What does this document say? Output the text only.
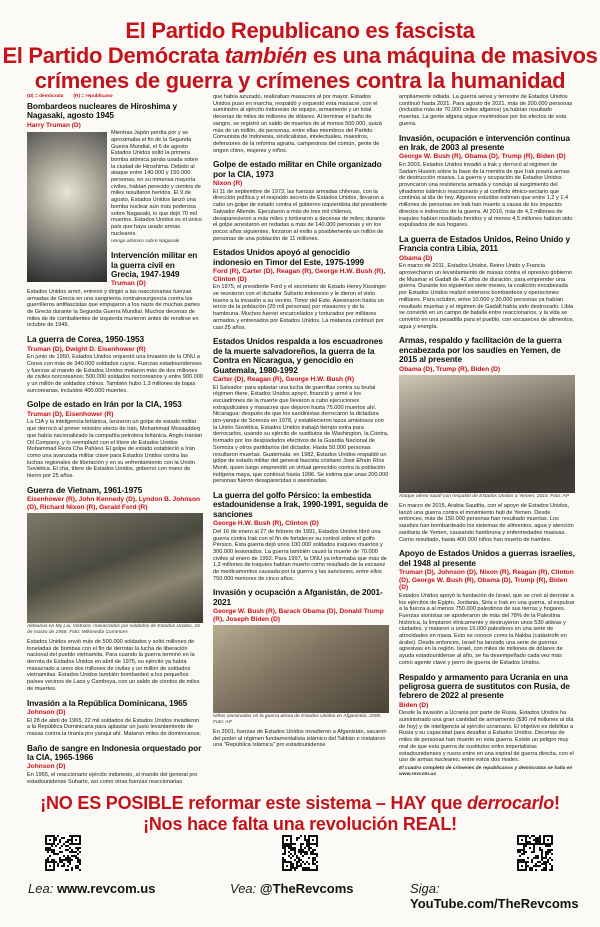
El Partido Republicano es fascista
El Partido Demócrata también es una máquina de masivos
crímenes de guerra y crímenes contra la humanidad
(D) = demócrata (R) = republicano
Bombardeos nucleares de Hiroshima y Nagasaki, agosto 1945
Harry Truman (D)

Mientras Japón perdía por y se aproximaba el fin de la Segunda Guerra Mundial, el 6 de agosto Estados Unidos soltó la primera bomba atómica jamás usada sobre la ciudad de Hiroshima. Debido al ataque entre 140.000 y 150.000 personas, en su inmensa mayoría civiles, habían perecido y cientos de miles resultaron heridos. El 9 de agosto, Estados Unidos lanzó una bomba nuclear aún más poderosa sobre Nagasaki, lo que dejó 70 mil muertos. Estados Unidos es el único país que haya usado armas nucleares.

Hongo atómico sobre Nagasaki
Intervención militar en la guerra civil en Grecia, 1947-1949
Truman (D)

Estados Unidos armó, entrenó y dirigió a las reaccionarias fuerzas armadas de Grecia en una sangrienta contrainsurgencia contra los guerrilleros antifascistas que empujaron a los nazis de muchas partes de Grecia durante la Segunda Guerra Mundial. Muchos decenas de miles de de combatientes de izquierda murieron antes de rendirse en octubre de 1949.

La guerra de Corea, 1950-1953
Truman (D), Dwight D. Eisenhower (R)

En junio de 1950, Estados Unidos orquestó una invasión de la ONU a Corea con más de 340.000 soldados cuyos. Fuerzas estadounidenses y fuerzas al mando de Estados Unidos mataron más de dos millones de civiles norcoreanos; 500.000 soldados norcoreanos y entre 900.000 y un millón de soldados chinos. También hubo 1,3 millones de bajas surcoreanas, incluidos 400.000 muertes.

Golpe de estado en Irán por la CIA, 1953
Truman (D), Eisenhower (R)

La CIA y la inteligencia británica, lanzaron un golpe de estado militar que derrocó al primer ministro electo de Irán, Mohammad Mossaddeq que había nacionalizado la compañía petrolera británica, Anglo-Iranian Oil Company, y lo reemplazó con el títere de Estados Unidos Mohammad Reza Cha Pahlevi. El golpe de estado estableció a Irán como una avanzada militar clave para Estados Unidos contra las luchas regionales de liberación y en su enfrentamiento con la Unión Soviética. El cha, títere de Estados Unidos, gobernó con mano de hierro por 25 años.

Guerra de Vietnam, 1961-1975
Eisenhower (R), John Kennedy (D), Lyndon B. Johnson (D), Richard Nixon (R), Gerald Ford (R)
Aldeanos en My Lai, Vietnam, masacrados por soldados de Estados Unidos, 16 de marzo de 1968. Foto: Wikimedia Commons

Estados Unidos envió más de 500.000 soldados y soltó millones de toneladas de bombas con el fin de derrotar la lucha de liberación nacional del pueblo vietnamita. Para cuando la guerra terminó en la derrota de Estados Unidos en abril de 1975, su ejército ya había masacrado a unos dos millones de civiles y un millón de soldados vietnamitas. Estados Unidos también bombardeó a los pequeños países vecinos de Laos y Camboya, con un saldo de cientos de miles de muertes.

Invasión a la República Dominicana, 1965
Johnson (D)

El 28 de abril de 1965, 22 mil soldados de Estados Unidos invadieron a la República Dominicana para aplastar un justo levantamiento de masas contra la tiranía pro yanqui ahí. Mataron miles de dominicanos.

Baño de sangre en Indonesia orquestado por la CIA, 1965-1966
Johnson (D)

En 1965, el reaccionario ejército indonesio, al mando del general pro estadounidense Suharto, así como otras fuerzas reaccionarias

que había azuzado, realizaban masacres al por mayor. Estados Unidos puso en marcha, respaldó y orquestó esta masacre, con el suministro al ejército indonesio de equipo, armamento y un total decenas de miles de millones de dólares. Al terminar el baño de sangre, se registró un saldo de muertes de al menos 500.000, quizá más de un millón, de personas, entre ellas miembros del Partido Comunista de Indonesia, sindicalistas, intelectuales, maestros, defensores de la reforma agraria, campesinos del común, gente de origen chino, mujeres y niños.

Golpe de estado militar en Chile organizado por la CIA, 1973
Nixon (R)

El 11 de septiembre de 1973, las fuerzas armadas chilenas, con la dirección política y el respaldo secreto de Estados Unidos, llevaron a cabo un golpe de estado contra el gobierno izquierdista del presidente Salvador Allende. Ejecutaron a más de tres mil chilenos, desaparecieron a más miles y torturaron a decenas de miles; durante el golpe arrestaron en redadas a más de 140.000 personas y en los pocos años siguientes, forzaron al exilio a posiblemente un millón de personas de una población de 11 millones.

Estados Unidos apoyó al genocidio indonesio en Timor del Este, 1975-1999
Ford (R), Carter (D), Reagan (R), George H.W. Bush (R), Clinton (D)

En 1975, el presidente Ford y el secretario de Estado Henry Kissinger se reunieron con el dictador Suharto indonesio y le dieron el visto bueno a la invasión a su vecino, Timor del Este. Asesinaron hasta un tercio de la población (20 mil personas) por masacres y de la hambruna. Muchos fueron encarcelados y torturados por militares armados y entrenados por Estados Unidos. La matanza continuó por casi 25 años.

Estados Unidos respalda a los escuadrones de la muerte salvadoreños, la guerra de la Contra en Nicaragua, y genocidio en Guatemala, 1980-1992
Carter (D), Reagan (R), George H.W. Bush (R)

El Salvador: para aplastar una lucha de guerrillas contra su brutal régimen títere, Estados Unidos apoyó, financió y armó a los escuadrones de la muerte que llevaron a cabo ejecuciones extrajudiciales y masacres que dejaron hasta 75.000 muertos ahí. Nicaragua: después de que los sandinistas derrocaron la dictadura pro-yanqui de Somoza en 1978, y establecieron lazos amistosos con la Unión Soviética, Estados Unidos trabajó tiempo extra para derrocarlos, usando su ejército de sustitutos de Washington, la Contra, formado por los despiadados efectivos de la Guardia Nacional de Somoza y otros partidarios del dictador. Hasta 50.000 personas resultaron muertas. Guatemala: en 1982, Estados Unidos respaldó un golpe de estado militar del general fascista cristiano José Efraín Ríos Montt, quien luego emprendió un virtual genocidio contra la población indígena maya, que continuó hasta 1996. Se estima que unas 200.000 personas fueron desaparecidas o asesinadas.

La guerra del golfo Pérsico: la embestida estadounidense a Irak, 1990-1991, seguida de sanciones
George H.W. Bush (R), Clinton (D)

Del 16 de enero al 27 de febrero de 1991, Estados Unidos libró una guerra contra Irak con el fin de fortalecer su control sobre el golfo Pérsico. Esta guerra dejó unos 100.000 soldados iraquíes muertos y 300.000 lesionados. La guerra también causó la muerte de 70.000 civiles al enero de 1992. Para 1997, la ONU ya informaba que más de 1,2 millones de iraquíes habían muerto como resultado de la escasez de medicamentos causada por la guerra y las sanciones, entre ellos 750.000 menores de cinco años.

Invasión y ocupación a Afganistán, de 2001-2021
George W. Bush (R), Barack Obama (D), Donald Trump (R), Joseph Biden (D)
Niños asesinados en la guerra aérea de Estados Unidos en Afganistán, 2009. Foto: AP

En 2001, fuerzas de Estados Unidos invadieron a Afganistán, sacaron del poder al régimen fundamentalista islámico del Talibán e instalaron una "República Islámica" pro estadounidense

ampliamente odiada. La guerra aérea y terrestre de Estados Unidos continuó hasta 2021. Para agosto de 2021, más de 200.000 personas (incluidos más de 70.000 civiles afganos) ya habían resultado muertas. La gente afgana sigue muriéndose por los efectos de esta guerra.

Invasión, ocupación e intervención continua en Irak, de 2003 al presente
George W. Bush (R), Obama (D), Trump (R), Biden (D)

En 2003, Estados Unidos invadió a Irak y derrocó al régimen de Sadam Husein sobre la base de la mentira de que Irak poseía armas de destrucción masiva. La guerra y ocupación de Estados Unidos provocaron una resistencia armada y condujo al surgimiento del yihadismo islámico reaccionario y al conflicto étnico-sectario que continúa al día de hoy. Algunos estudios estiman que entre 1,2 y 1,4 millones de personas en Irak han muerto a causa de los impactos directos e indirectos de la guerra. Al 2016, más de 4,2 millones de iraquíes habían resultado heridos y al menos 4,5 millones habían sido expulsados de sus hogares.

La guerra de Estados Unidos, Reino Unido y Francia contra Libia, 2011
Obama (D)

En marzo de 2011, Estados Unidos, Reino Unido y Francia aprovecharon un levantamiento de masas contra el opresivo gobierno de Muamar el Gadafi de 42 años de duración, para emprender una guerra. Durante los siguientes siete meses, la coalición encabezada por Estados Unidos realizó extensos bombardeos y operaciones militares. Para octubre, entre 10.000 y 30.000 personas ya habían resultado muertas y el régimen de Gadafi había sido destrozado. Libia se convirtió en un campo de batalla entre reaccionarios, y la vida se convirtió en una pesadilla para el pueblo, con escaseces de alimentos, agua y energía.

Armas, respaldo y facilitación de la guerra encabezada por los saudíes en Yemen, de 2015 al presente
Obama (D), Trump (R), Biden (D)
Ataque aéreo saudí con respaldo de Estados Unidos a Yemen, 2015. Foto: AP

En marzo de 2015, Arabia Saudita, con el apoyo de Estados Unidos, lanzó una guerra contra el movimiento huti de Yemen. Desde entonces, más de 150.000 personas han resultado muertas. Los saudíes han bombardeado los sistemas de alimentos, agua y atención sanitaria de Yemen, causando hambruna y enfermedades masivas. Como resultado, hasta 400.000 niños han muerto de hambre.

Apoyo de Estados Unidos a guerras israelíes, del 1948 al presente
Truman (D), Johnson (D), Nixon (R), Reagan (R), Clinton (D), George W. Bush (R), Obama (D), Trump (R), Biden (D)

Estados Unidos apoyó la fundación de Israel, que se creó al derrotar a los ejércitos de Egipto, Jordania, Siria e Irak en una guerra, al expulsar a la fuerza a al menos 750.000 palestinos de sus tierras y hogares. Fuerzas sionistas se apoderaron de más del 78% de la Palestina histórica, la limpiaron étnicamente y destruyeron unos 530 aldeas y ciudades, y mataron a unos 15.000 palestinos en una serie de atrocidades en masa. Esto se conoce como la Nakba (catástrofe en árabe). Desde entonces, Israel ha lanzado una serie de guerras agresivas en la región. Israel, con miles de millones de dólares de ayuda estadounidense al año, se ha desempeñado cada vez más como agente clave y perro de guerra de Estados Unidos.

Respaldo y armamento para Ucrania en una peligrosa guerra de sustitutos con Rusia, de febrero de 2022 al presente
Biden (D)

Desde la invasión a Ucrania por parte de Rusia, Estados Unidos ha suministrado una gran cantidad de armamento ($30 mil millones al día de hoy) y de inteligencia al ejército ucraniano. El objetivo es debilitar a Rusia y su capacidad para desafiar a Estados Unidos. Decenas de miles de personas han muerto en esta guerra. Existe un peligro muy real de que esta guerra de sustitutos entre imperialistas estadounidenses y rusos entre en una espiral de guerra directa, con el uso de armas nucleares, entre estos dos rivales.

El cuadro completo de crímenes de republicanos y demócratas se halla en www.revcom.us
¡NO ES POSIBLE reformar este sistema – HAY que derrocarlo!
¡Nos hace falta una revolución REAL!
Lea: www.revcom.us	Vea: @TheRevcoms	Siga: YouTube.com/TheRevcoms
